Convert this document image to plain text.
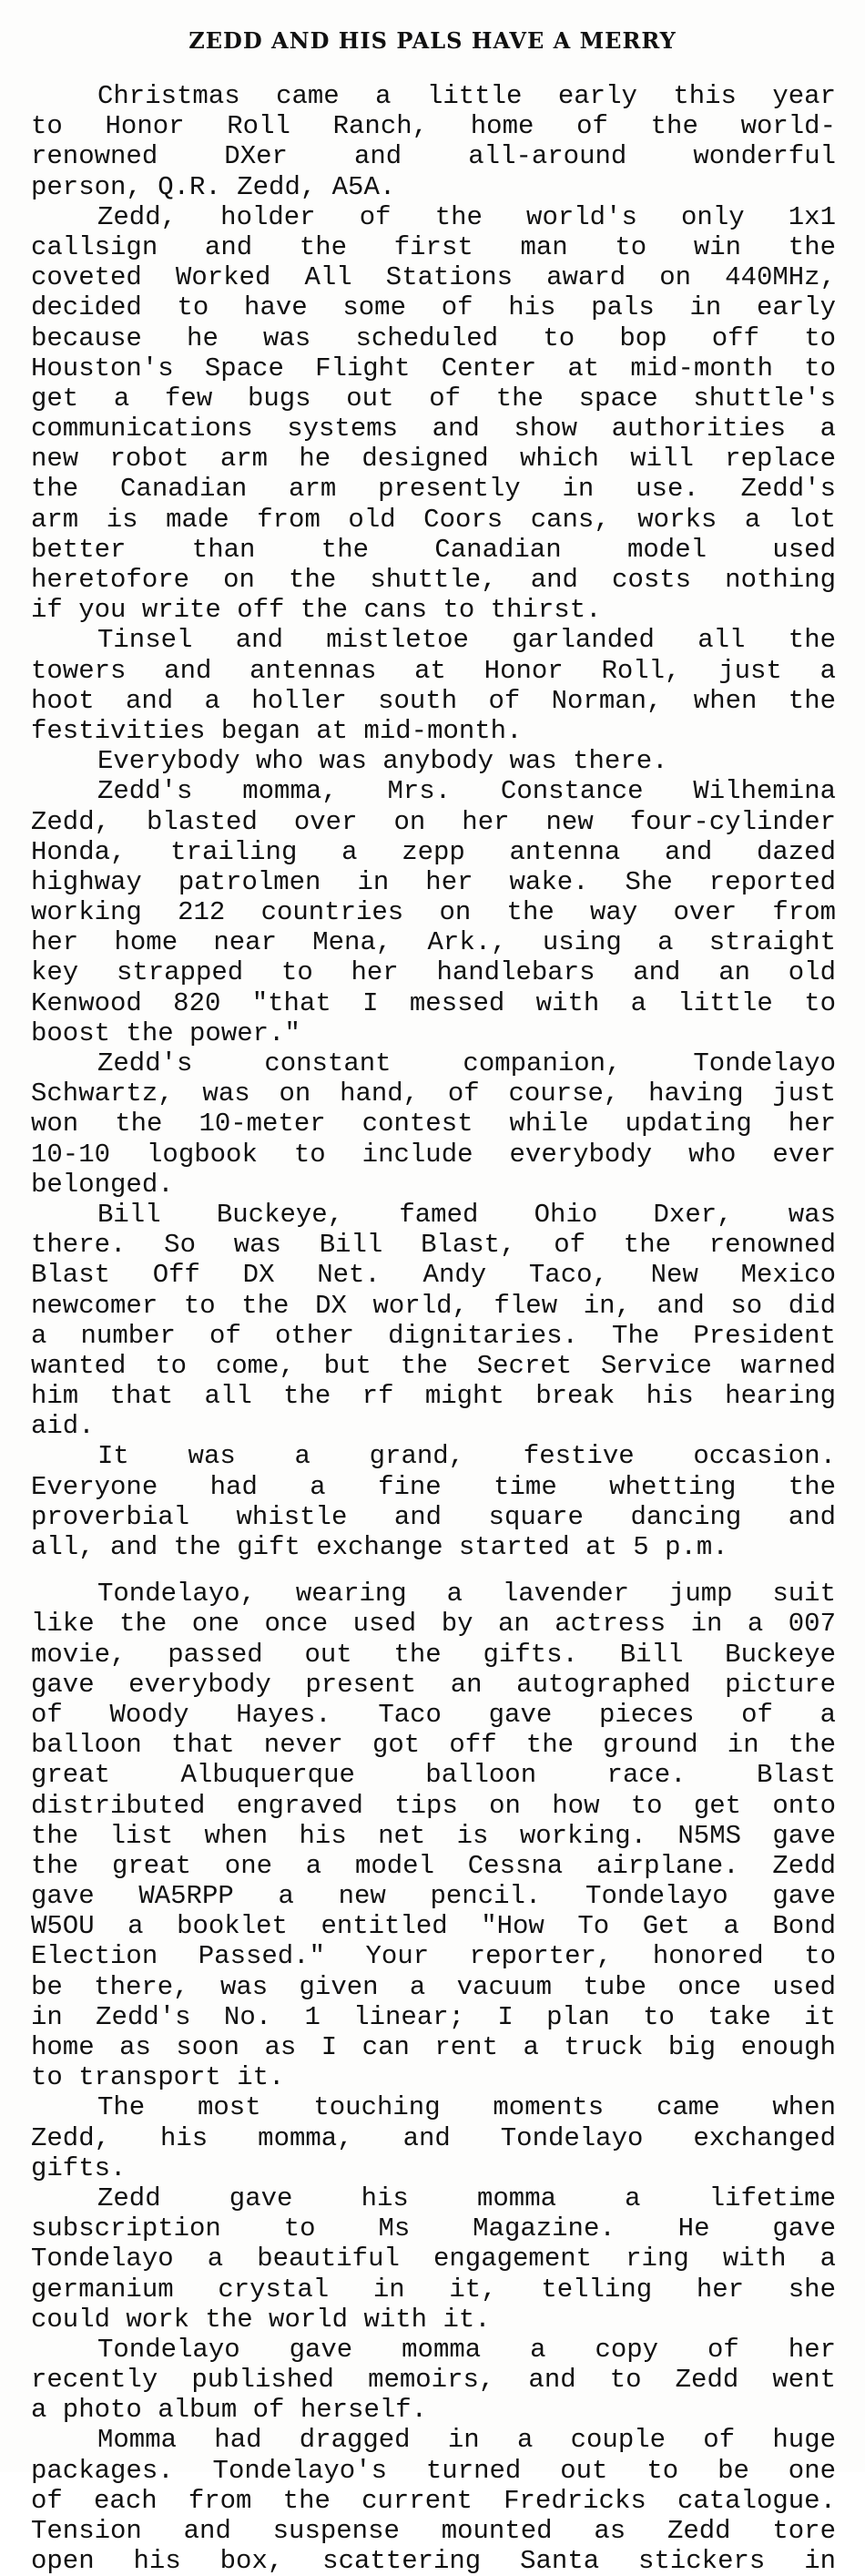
ZEDD AND HIS PALS HAVE A MERRY
Christmas came a little early this year
to Honor Roll Ranch, home of the world-
renowned DXer and all-around wonderful
person, Q.R. Zedd, A5A.
Zedd, holder of the world's only 1x1
callsign and the first man to win the
coveted Worked All Stations award on 440MHz,
decided to have some of his pals in early
because he was scheduled to bop off to
Houston's Space Flight Center at mid-month to
get a few bugs out of the space shuttle's
communications systems and show authorities a
new robot arm he designed which will replace
the Canadian arm presently in use. Zedd's
arm is made from old Coors cans, works a lot
better than the Canadian model used
heretofore on the shuttle, and costs nothing
if you write off the cans to thirst.
Tinsel and mistletoe garlanded all the
towers and antennas at Honor Roll, just a
hoot and a holler south of Norman, when the
festivities began at mid-month.
Everybody who was anybody was there.
Zedd's momma, Mrs. Constance Wilhemina
Zedd, blasted over on her new four-cylinder
Honda, trailing a zepp antenna and dazed
highway patrolmen in her wake. She reported
working 212 countries on the way over from
her home near Mena, Ark., using a straight
key strapped to her handlebars and an old
Kenwood 820 "that I messed with a little to
boost the power."
Zedd's constant companion, Tondelayo
Schwartz, was on hand, of course, having just
won the 10-meter contest while updating her
10-10 logbook to include everybody who ever
belonged.
Bill Buckeye, famed Ohio Dxer, was
there. So was Bill Blast, of the renowned
Blast Off DX Net. Andy Taco, New Mexico
newcomer to the DX world, flew in, and so did
a number of other dignitaries. The President
wanted to come, but the Secret Service warned
him that all the rf might break his hearing
aid.
It was a grand, festive occasion.
Everyone had a fine time whetting the
proverbial whistle and square dancing and
all, and the gift exchange started at 5 p.m.
Tondelayo, wearing a lavender jump suit
like the one once used by an actress in a 007
movie, passed out the gifts. Bill Buckeye
gave everybody present an autographed picture
of Woody Hayes. Taco gave pieces of a
balloon that never got off the ground in the
great Albuquerque balloon race. Blast
distributed engraved tips on how to get onto
the list when his net is working. N5MS gave
the great one a model Cessna airplane. Zedd
gave WA5RPP a new pencil. Tondelayo gave
W5OU a booklet entitled "How To Get a Bond
Election Passed." Your reporter, honored to
be there, was given a vacuum tube once used
in Zedd's No. 1 linear; I plan to take it
home as soon as I can rent a truck big enough
to transport it.
The most touching moments came when
Zedd, his momma, and Tondelayo exchanged
gifts.
Zedd gave his momma a lifetime
subscription to Ms Magazine. He gave
Tondelayo a beautiful engagement ring with a
germanium crystal in it, telling her she
could work the world with it.
Tondelayo gave momma a copy of her
recently published memoirs, and to Zedd went
a photo album of herself.
Momma had dragged in a couple of huge
packages. Tondelayo's turned out to be one
of each from the current Fredricks catalogue.
Tension and suspense mounted as Zedd tore
open his box, scattering Santa stickers in
